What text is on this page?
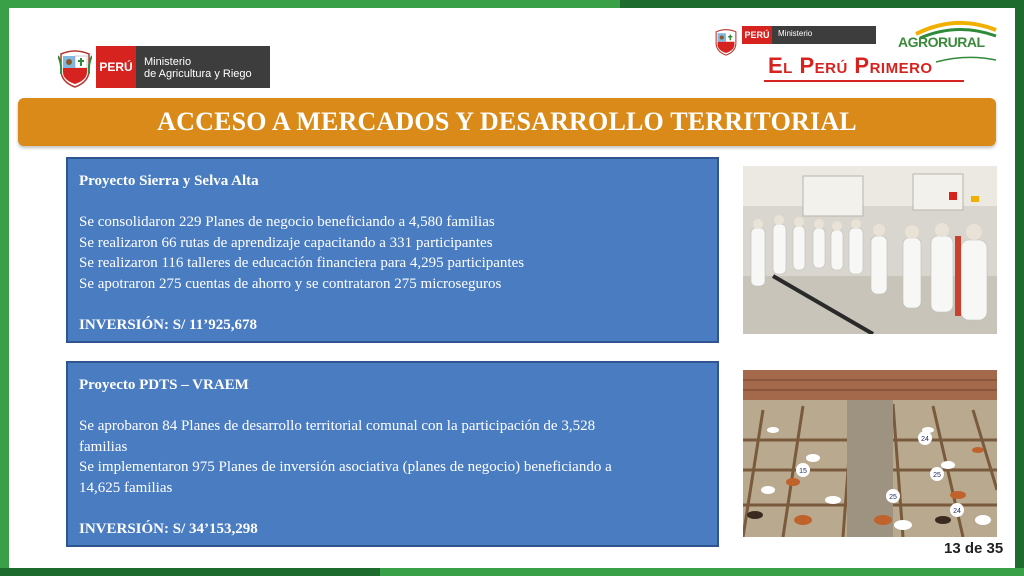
PERÚ	Ministerio
de Agricultura y Riego
PERÚ	Ministerio
El Perú Primero
AGRORURAL
ACCESO A MERCADOS Y DESARROLLO TERRITORIAL
Proyecto Sierra y Selva Alta
Se consolidaron 229 Planes de negocio beneficiando a 4,580 familias
Se realizaron 66 rutas de aprendizaje capacitando a 331 participantes
Se realizaron 116 talleres de educación financiera para 4,295 participantes
Se apotraron 275 cuentas de ahorro y se contrataron 275 microseguros
INVERSIÓN: S/ 11’925,678
Proyecto PDTS – VRAEM
Se aprobaron 84 Planes de desarrollo territorial comunal con la participación de 3,528
familias
Se implementaron 975 Planes de inversión asociativa (planes de negocio) beneficiando a
14,625 familias
INVERSIÓN: S/ 34’153,298
24
25
15
24
25
13 de 35
